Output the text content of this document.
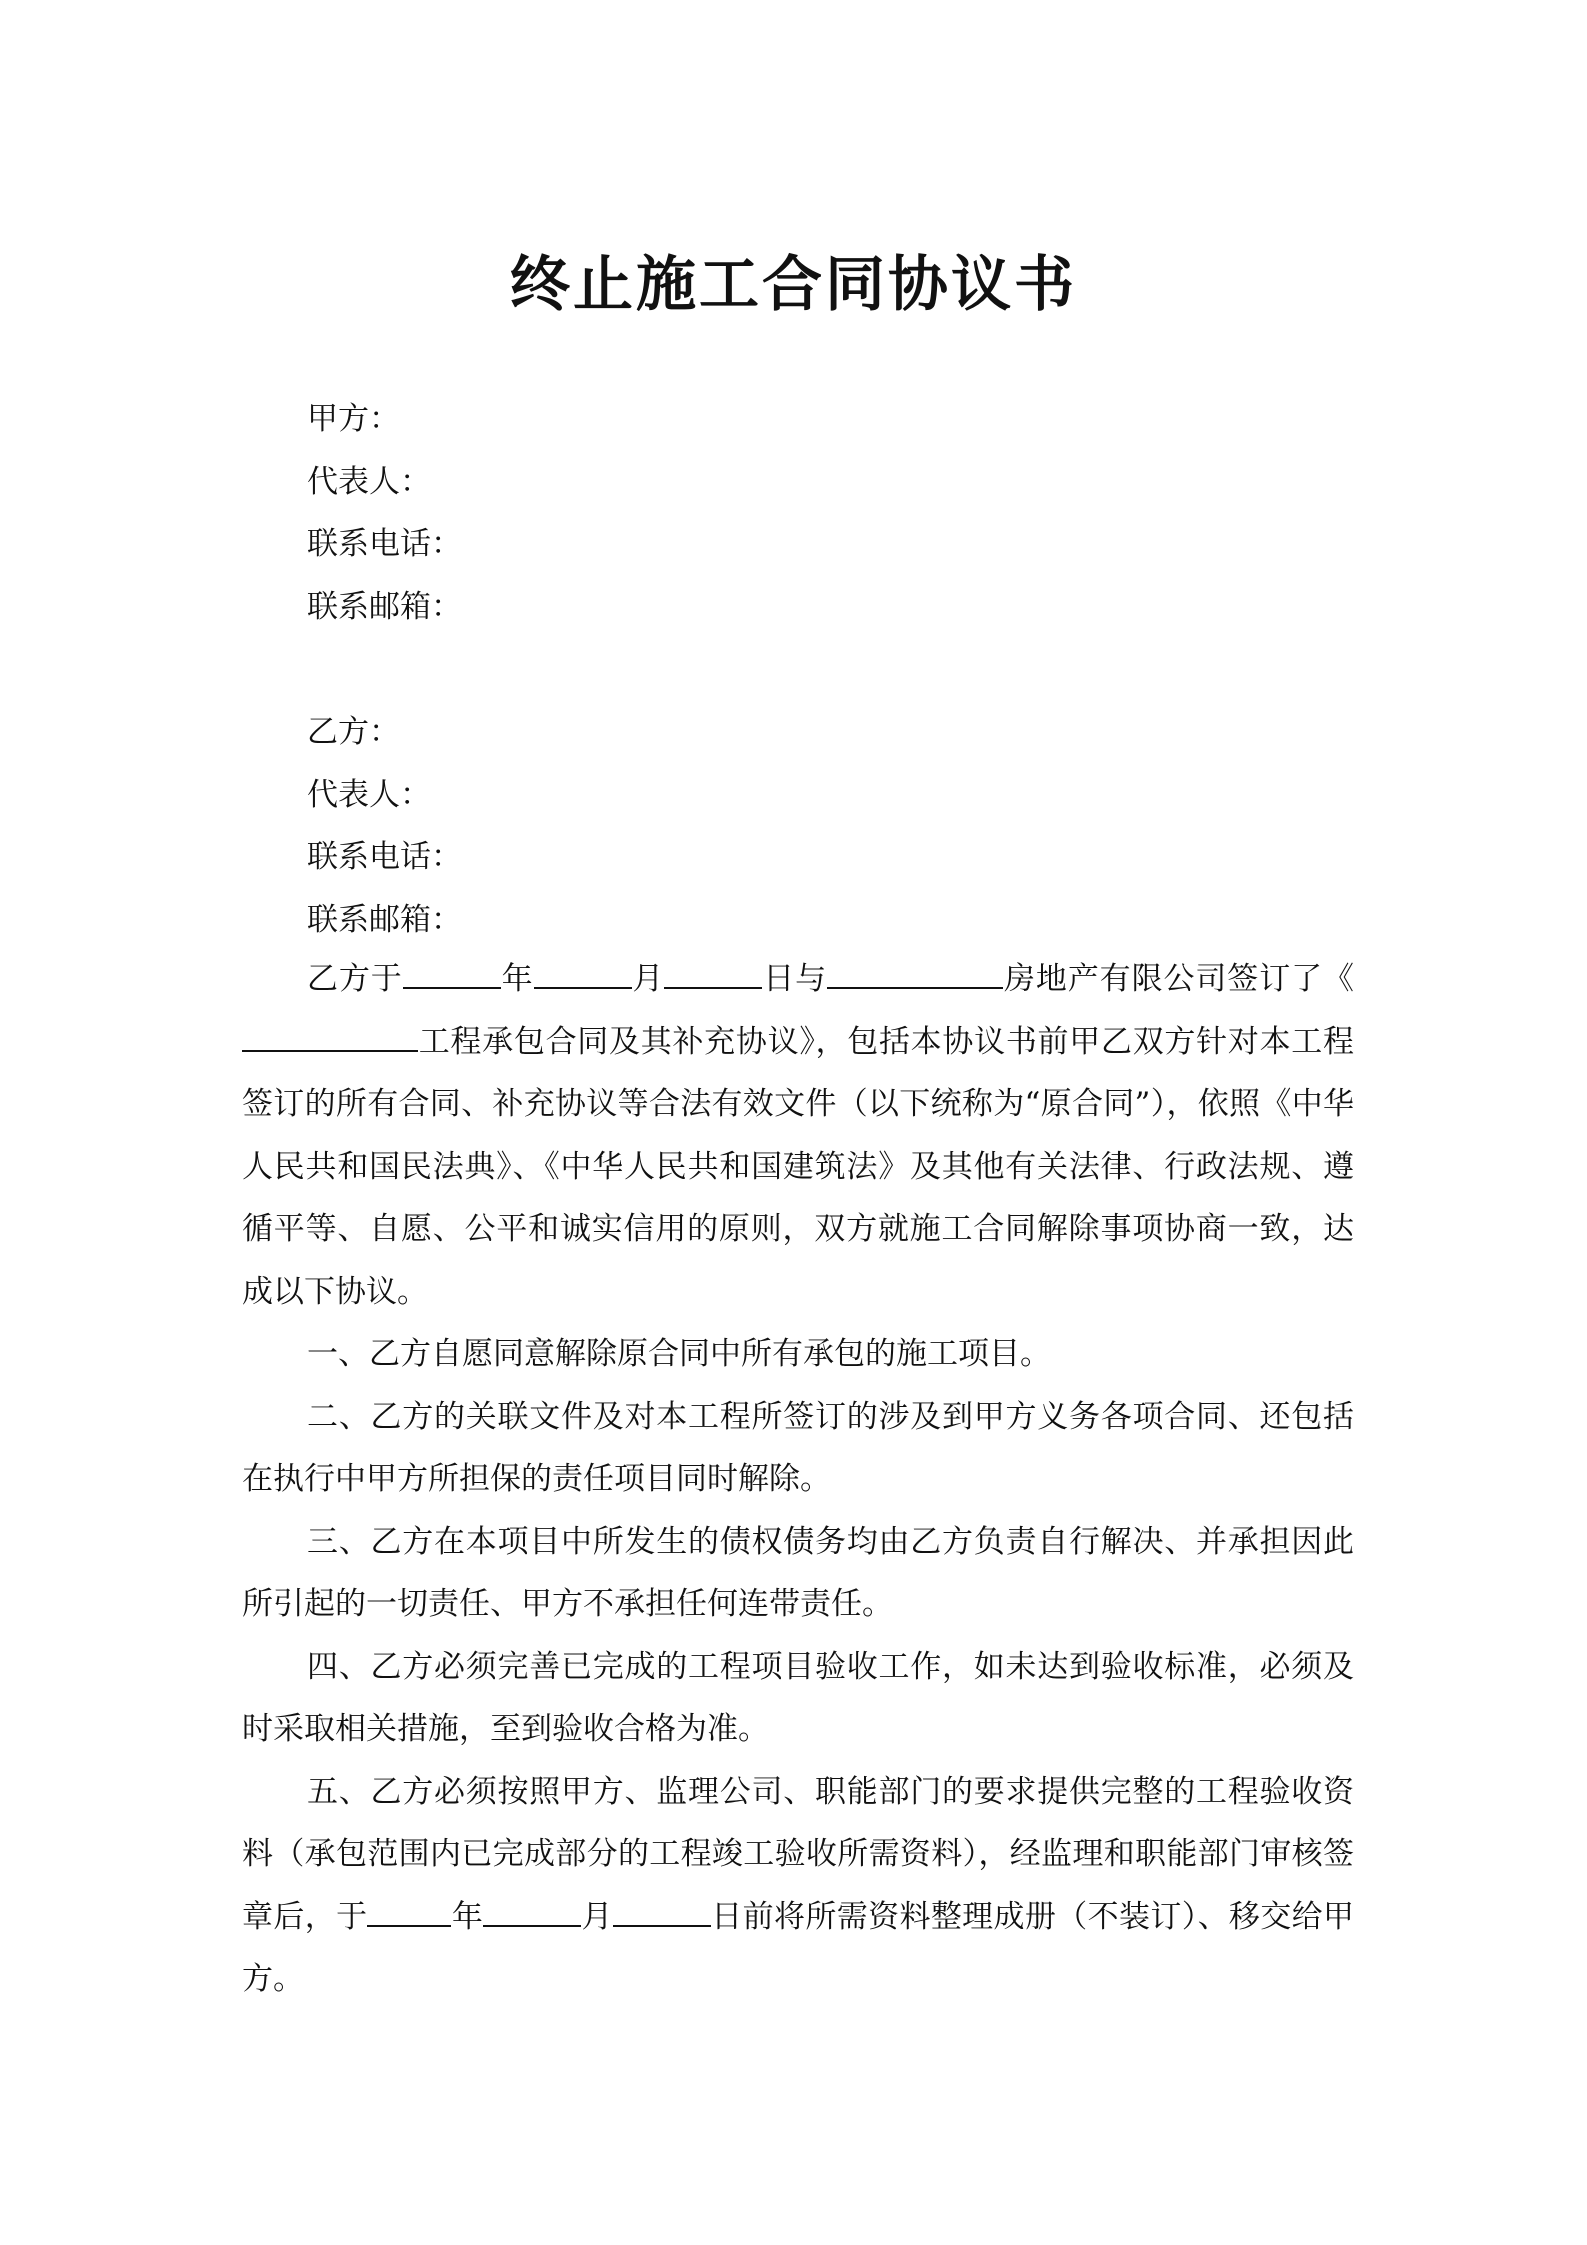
终止施工合同协议书
甲方：
代表人：
联系电话：
联系邮箱：
乙方：
代表人：
联系电话：
联系邮箱：

乙方于	年	月	日与	房地产有限公司签订了《工程承包合同及其补充协议》，包括本协议书前甲乙双方针对本工程签订的所有合同、补充协议等合法有效文件（以下统称为“原合同”），依照《中华人民共和国民法典》、《中华人民共和国建筑法》及其他有关法律、行政法规、遵循平等、自愿、公平和诚实信用的原则，双方就施工合同解除事项协商一致，达成以下协议。

一、乙方自愿同意解除原合同中所有承包的施工项目。

二、乙方的关联文件及对本工程所签订的涉及到甲方义务各项合同、还包括在执行中甲方所担保的责任项目同时解除。

三、乙方在本项目中所发生的债权债务均由乙方负责自行解决、并承担因此所引起的一切责任、甲方不承担任何连带责任。

四、乙方必须完善已完成的工程项目验收工作，如未达到验收标准，必须及时采取相关措施，至到验收合格为准。

五、乙方必须按照甲方、监理公司、职能部门的要求提供完整的工程验收资料（承包范围内已完成部分的工程竣工验收所需资料），经监理和职能部门审核签章后，于	年	月	日前将所需资料整理成册（不装订）、移交给甲方。
